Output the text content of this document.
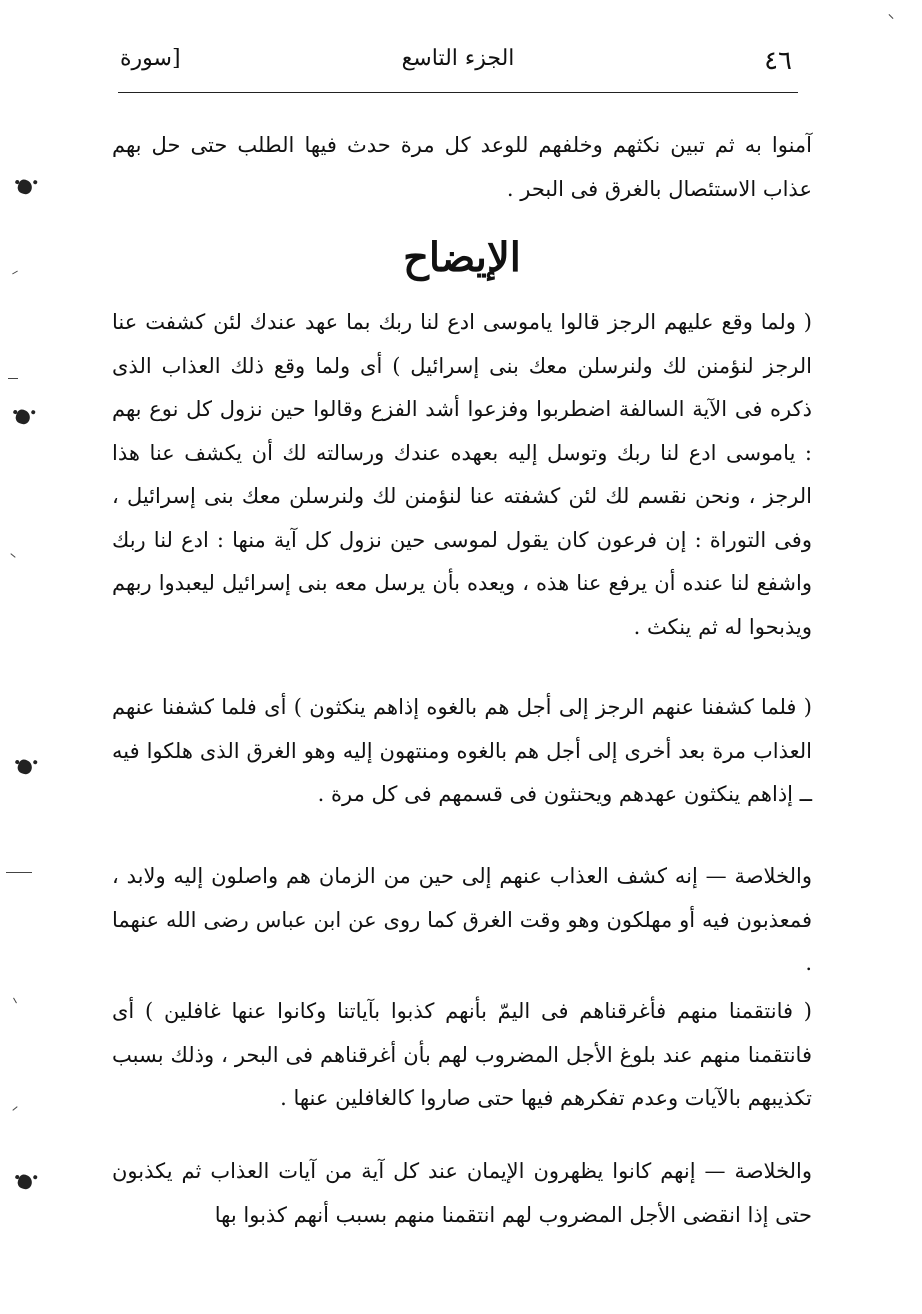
٤٦
الجزء التاسع
[سورة
آمنوا به ثم تبين نكثهم وخلفهم للوعد كل مرة حدث فيها الطلب حتى حل بهم عذاب الاستئصال بالغرق فى البحر .
الإيضاح
( ولما وقع عليهم الرجز قالوا ياموسى ادع لنا ربك بما عهد عندك لئن كشفت عنا الرجز لنؤمنن لك ولنرسلن معك بنى إسرائيل ) أى ولما وقع ذلك العذاب الذى ذكره فى الآية السالفة اضطربوا وفزعوا أشد الفزع وقالوا حين نزول كل نوع بهم : ياموسى ادع لنا ربك وتوسل إليه بعهده عندك ورسالته لك أن يكشف عنا هذا الرجز ، ونحن نقسم لك لئن كشفته عنا لنؤمنن لك ولنرسلن معك بنى إسرائيل ، وفى التوراة : إن فرعون كان يقول لموسى حين نزول كل آية منها : ادع لنا ربك واشفع لنا عنده أن يرفع عنا هذه ، ويعده بأن يرسل معه بنى إسرائيل ليعبدوا ربهم ويذبحوا له ثم ينكث .
( فلما كشفنا عنهم الرجز إلى أجل هم بالغوه إذاهم ينكثون ) أى فلما كشفنا عنهم العذاب مرة بعد أخرى إلى أجل هم بالغوه ومنتهون إليه وهو الغرق الذى هلكوا فيه ــ إذاهم ينكثون عهدهم ويحنثون فى قسمهم فى كل مرة .
والخلاصة — إنه كشف العذاب عنهم إلى حين من الزمان هم واصلون إليه ولابد ، فمعذبون فيه أو مهلكون وهو وقت الغرق كما روى عن ابن عباس رضى الله عنهما .
( فانتقمنا منهم فأغرقناهم فى اليمّ بأنهم كذبوا بآياتنا وكانوا عنها غافلين ) أى فانتقمنا منهم عند بلوغ الأجل المضروب لهم بأن أغرقناهم فى البحر ، وذلك بسبب تكذيبهم بالآيات وعدم تفكرهم فيها حتى صاروا كالغافلين عنها .
والخلاصة — إنهم كانوا يظهرون الإيمان عند كل آية من آيات العذاب ثم يكذبون حتى إذا انقضى الأجل المضروب لهم انتقمنا منهم بسبب أنهم كذبوا بها
